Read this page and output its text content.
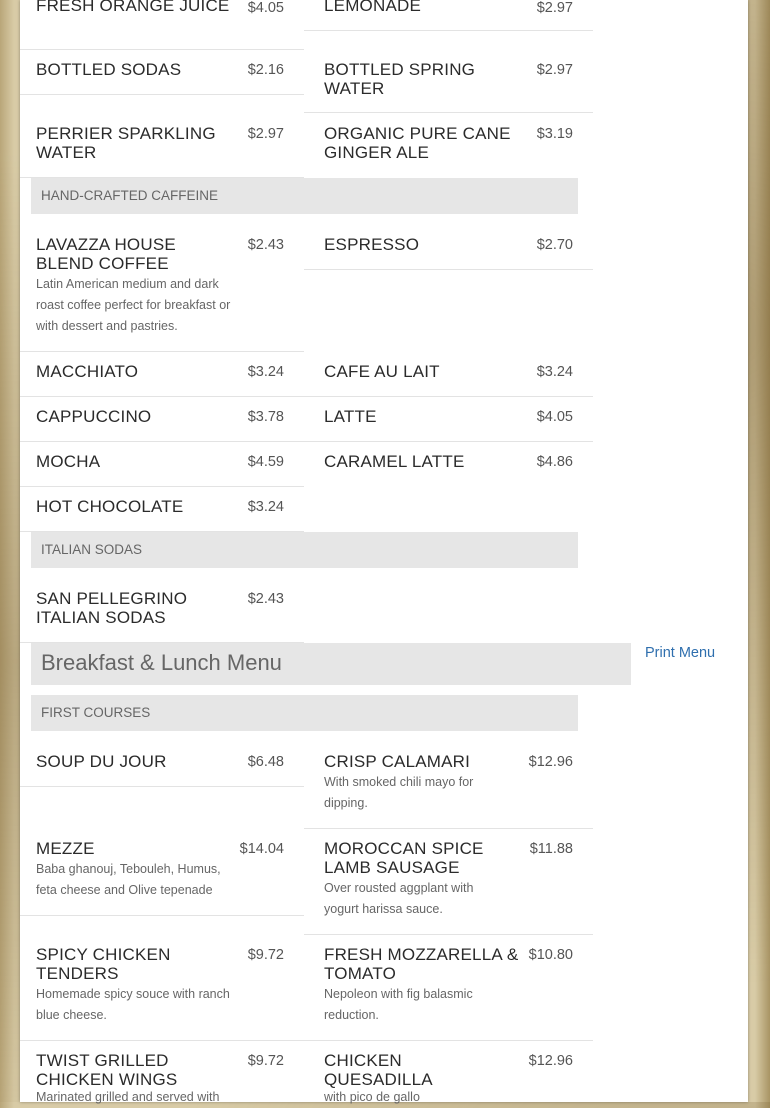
FRESH ORANGE JUICE	$4.05
BOTTLED SODAS	$2.16
PERRIER SPARKLING WATER
$2.97
LEMONADE	$2.97
BOTTLED SPRING WATER
$2.97
ORGANIC PURE CANE GINGER ALE
$3.19
HAND-CRAFTED CAFFEINE
LAVAZZA HOUSE BLEND COFFEE
$2.43
Latin American medium and dark roast coffee perfect for breakfast or with dessert and pastries.
MACCHIATO	$3.24
CAPPUCCINO	$3.78
MOCHA	$4.59
HOT CHOCOLATE	$3.24
ESPRESSO	$2.70
CAFE AU LAIT	$3.24
LATTE	$4.05
CARAMEL LATTE	$4.86
ITALIAN SODAS
SAN PELLEGRINO ITALIAN SODAS
$2.43
Breakfast & Lunch Menu	Print Menu
FIRST COURSES
SOUP DU JOUR	$6.48
MEZZE	$14.04
Baba ghanouj, Teboulеh, Humus, feta cheese and Olive tepenade
SPICY CHICKEN TENDERS
$9.72
Homemade spicy souce with ranch blue cheese.
TWIST GRILLED CHICKEN WINGS
$9.72
Marinated grilled and served with
CRISP CALAMARI	$12.96
With smoked chili mayo for dipping.
MOROCCAN SPICE LAMB SAUSAGE
$11.88
Over rousted aggplant with yogurt harissa sauce.
FRESH MOZZARELLA & TOMATO
$10.80
Nepoleon with fig balasmic reduction.
CHICKEN QUESADILLA
$12.96
with pico de gallo
